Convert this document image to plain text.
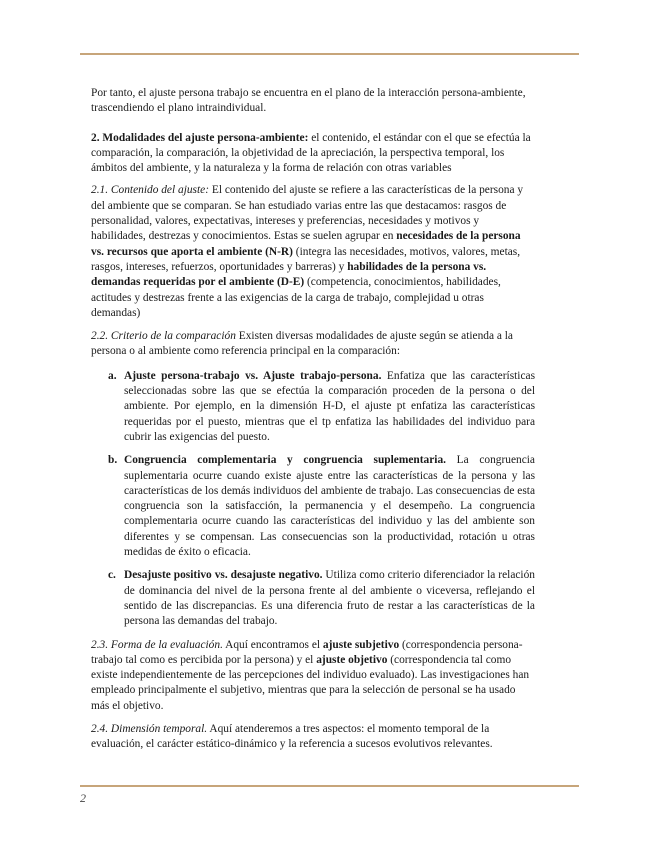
Por tanto, el ajuste persona trabajo se encuentra en el plano de la interacción persona-ambiente, trascendiendo el plano intraindividual.

2. Modalidades del ajuste persona-ambiente: el contenido, el estándar con el que se efectúa la comparación, la comparación, la objetividad de la apreciación, la perspectiva temporal, los ámbitos del ambiente, y la naturaleza y la forma de relación con otras variables

2.1. Contenido del ajuste: El contenido del ajuste se refiere a las características de la persona y del ambiente que se comparan. Se han estudiado varias entre las que destacamos: rasgos de personalidad, valores, expectativas, intereses y preferencias, necesidades y motivos y habilidades, destrezas y conocimientos. Estas se suelen agrupar en necesidades de la persona vs. recursos que aporta el ambiente (N-R) (integra las necesidades, motivos, valores, metas, rasgos, intereses, refuerzos, oportunidades y barreras) y habilidades de la persona vs. demandas requeridas por el ambiente (D-E) (competencia, conocimientos, habilidades, actitudes y destrezas frente a las exigencias de la carga de trabajo, complejidad u otras demandas)

2.2. Criterio de la comparación Existen diversas modalidades de ajuste según se atienda a la persona o al ambiente como referencia principal en la comparación:

a. Ajuste persona-trabajo vs. Ajuste trabajo-persona. Enfatiza que las características seleccionadas sobre las que se efectúa la comparación proceden de la persona o del ambiente. Por ejemplo, en la dimensión H-D, el ajuste pt enfatiza las características requeridas por el puesto, mientras que el tp enfatiza las habilidades del individuo para cubrir las exigencias del puesto.
b. Congruencia complementaria y congruencia suplementaria. La congruencia suplementaria ocurre cuando existe ajuste entre las características de la persona y las características de los demás individuos del ambiente de trabajo. Las consecuencias de esta congruencia son la satisfacción, la permanencia y el desempeño. La congruencia complementaria ocurre cuando las características del individuo y las del ambiente son diferentes y se compensan. Las consecuencias son la productividad, rotación u otras medidas de éxito o eficacia.
c. Desajuste positivo vs. desajuste negativo. Utiliza como criterio diferenciador la relación de dominancia del nivel de la persona frente al del ambiente o viceversa, reflejando el sentido de las discrepancias. Es una diferencia fruto de restar a las características de la persona las demandas del trabajo.

2.3. Forma de la evaluación. Aquí encontramos el ajuste subjetivo (correspondencia persona-trabajo tal como es percibida por la persona) y el ajuste objetivo (correspondencia tal como existe independientemente de las percepciones del individuo evaluado). Las investigaciones han empleado principalmente el subjetivo, mientras que para la selección de personal se ha usado más el objetivo.

2.4. Dimensión temporal. Aquí atenderemos a tres aspectos: el momento temporal de la evaluación, el carácter estático-dinámico y la referencia a sucesos evolutivos relevantes.

2
